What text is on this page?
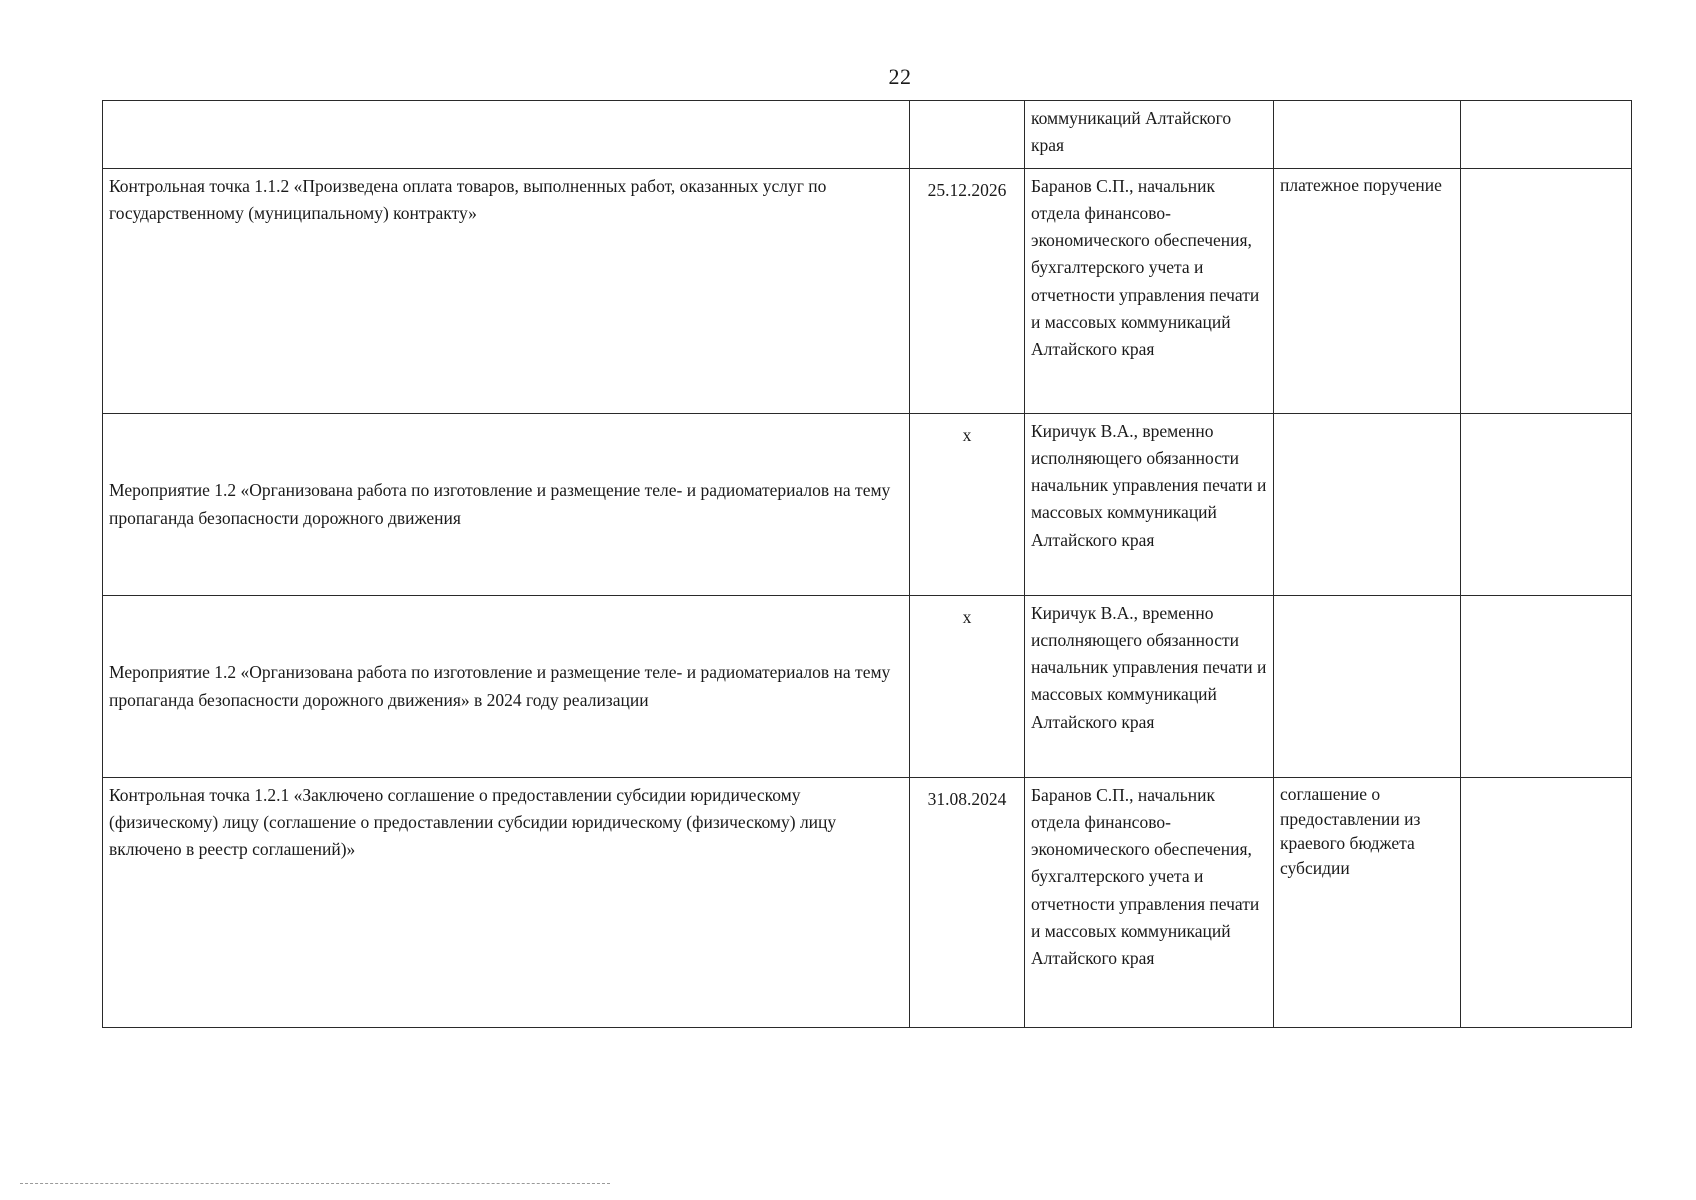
22
		коммуникаций Алтайского края		
Контрольная точка 1.1.2 «Произведена оплата товаров, выполненных работ, оказанных услуг по государственному (муниципальному) контракту»	25.12.2026	Баранов С.П., начальник отдела финансово-экономического обеспечения, бухгалтерского учета и отчетности управления печати и массовых коммуникаций Алтайского края	платежное поручение	
Мероприятие 1.2 «Организована работа по изготовление и размещение теле- и радиоматериалов на тему пропаганда безопасности дорожного движения	x	Киричук В.А., временно исполняющего обязанности начальник управления печати и массовых коммуникаций Алтайского края		
Мероприятие 1.2 «Организована работа по изготовление и размещение теле- и радиоматериалов на тему пропаганда безопасности дорожного движения» в 2024 году реализации	x	Киричук В.А., временно исполняющего обязанности начальник управления печати и массовых коммуникаций Алтайского края		
Контрольная точка 1.2.1 «Заключено соглашение о предоставлении субсидии юридическому (физическому) лицу (соглашение о предоставлении субсидии юридическому (физическому) лицу включено в реестр соглашений)»	31.08.2024	Баранов С.П., начальник отдела финансово-экономического обеспечения, бухгалтерского учета и отчетности управления печати и массовых коммуникаций Алтайского края	соглашение о предоставлении из краевого бюджета субсидии	
